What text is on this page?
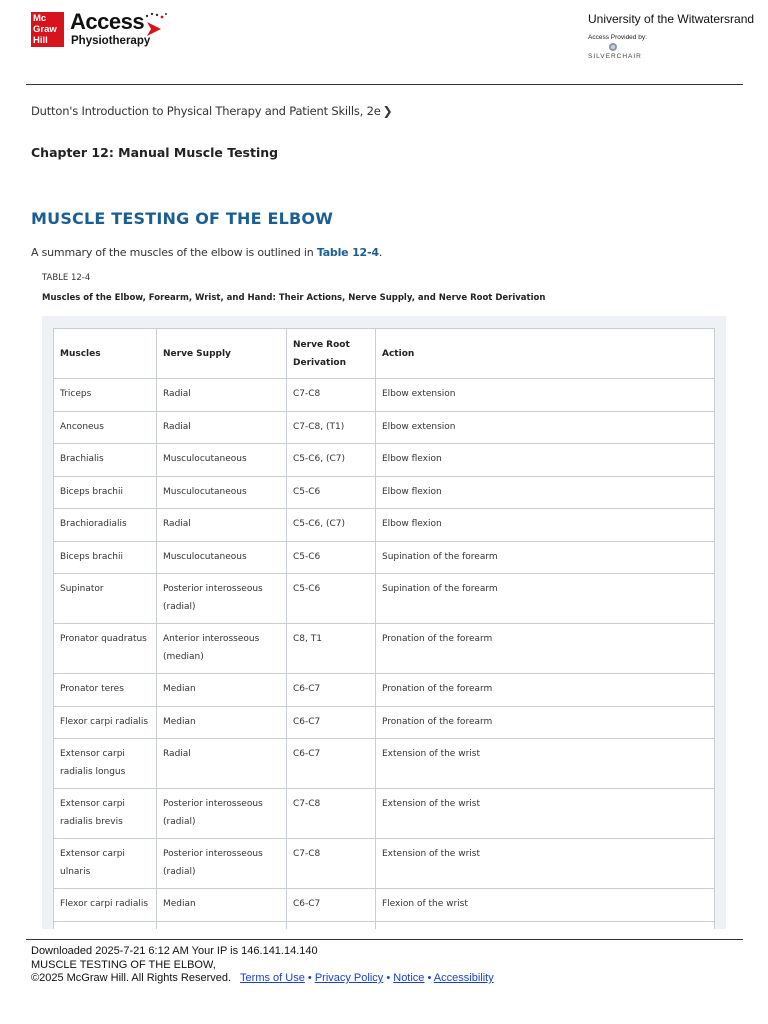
Mc
Graw
Hill
Access
Physiotherapy
University of the Witwatersrand
Access Provided by:
SILVERCHAIR
Dutton's Introduction to Physical Therapy and Patient Skills, 2e ❯
Chapter 12: Manual Muscle Testing
MUSCLE TESTING OF THE ELBOW
A summary of the muscles of the elbow is outlined in Table 12-4.
TABLE 12-4
Muscles of the Elbow, Forearm, Wrist, and Hand: Their Actions, Nerve Supply, and Nerve Root Derivation
Muscles	Nerve Supply	Nerve Root Derivation	Action
Triceps	Radial	C7-C8	Elbow extension
Anconeus	Radial	C7-C8, (T1)	Elbow extension
Brachialis	Musculocutaneous	C5-C6, (C7)	Elbow flexion
Biceps brachii	Musculocutaneous	C5-C6	Elbow flexion
Brachioradialis	Radial	C5-C6, (C7)	Elbow flexion
Biceps brachii	Musculocutaneous	C5-C6	Supination of the forearm
Supinator	Posterior interosseous (radial)	C5-C6	Supination of the forearm
Pronator quadratus	Anterior interosseous (median)	C8, T1	Pronation of the forearm
Pronator teres	Median	C6-C7	Pronation of the forearm
Flexor carpi radialis	Median	C6-C7	Pronation of the forearm
Extensor carpi radialis longus	Radial	C6-C7	Extension of the wrist
Extensor carpi radialis brevis	Posterior interosseous (radial)	C7-C8	Extension of the wrist
Extensor carpi ulnaris	Posterior interosseous (radial)	C7-C8	Extension of the wrist
Flexor carpi radialis	Median	C6-C7	Flexion of the wrist

Downloaded 2025-7-21 6:12 AM Your IP is 146.141.14.140
MUSCLE TESTING OF THE ELBOW,
©2025 McGraw Hill. All Rights Reserved. Terms of Use • Privacy Policy • Notice • Accessibility
